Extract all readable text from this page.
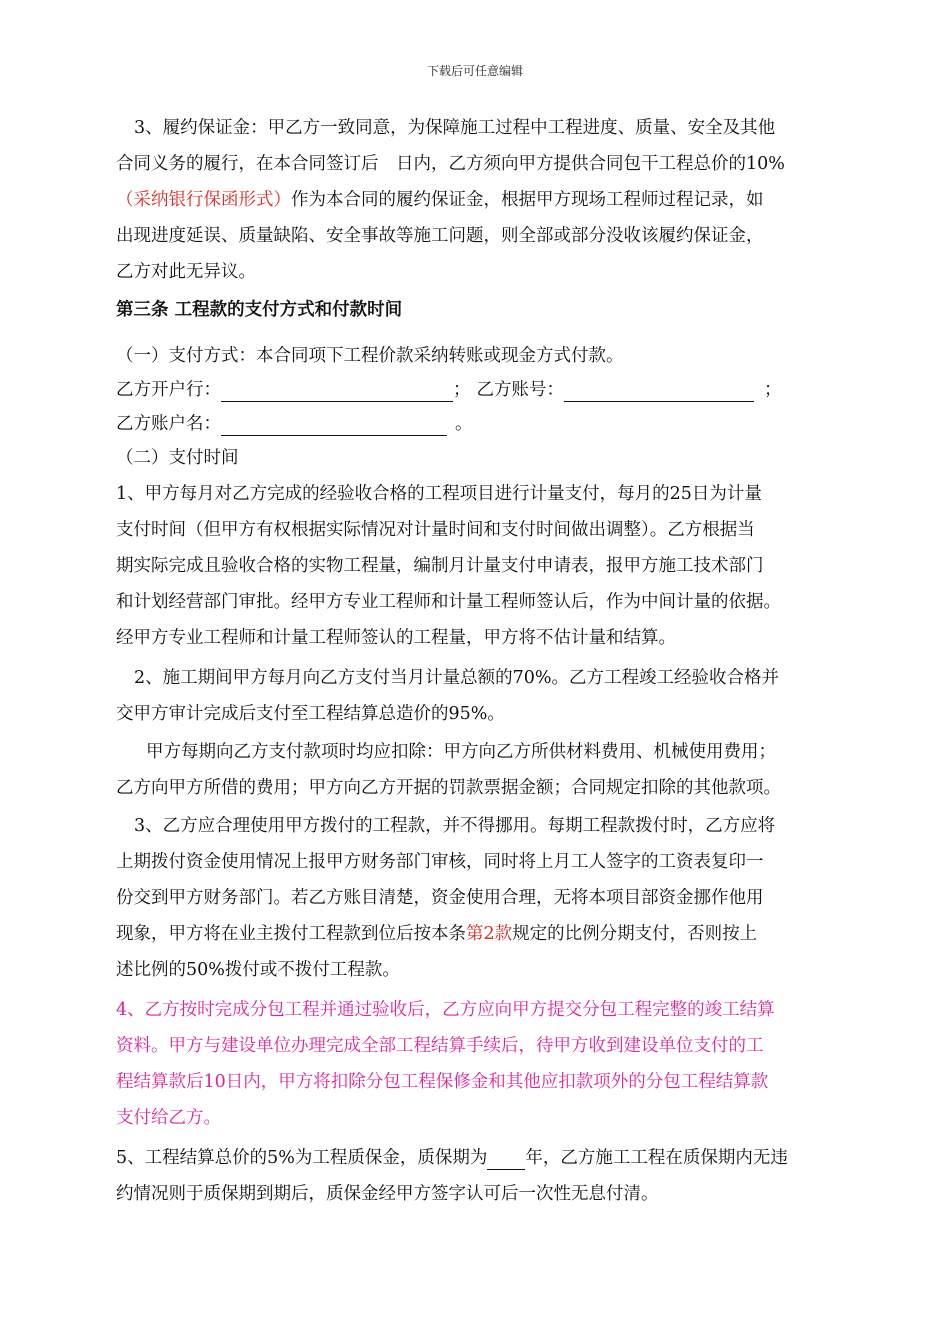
下载后可任意编辑
3、履约保证金：甲乙方一致同意，为保障施工过程中工程进度、质量、安全及其他
合同义务的履行，在本合同签订后　日内，乙方须向甲方提供合同包干工程总价的10%
（采纳银行保函形式）作为本合同的履约保证金，根据甲方现场工程师过程记录，如
出现进度延误、质量缺陷、安全事故等施工问题，则全部或部分没收该履约保证金，
乙方对此无异议。
第三条 工程款的支付方式和付款时间
（一）支付方式：本合同项下工程价款采纳转账或现金方式付款。
乙方开户行：	； 乙方账号：	；
乙方账户名：	。
（二）支付时间
1、甲方每月对乙方完成的经验收合格的工程项目进行计量支付，每月的25日为计量
支付时间（但甲方有权根据实际情况对计量时间和支付时间做出调整）。乙方根据当
期实际完成且验收合格的实物工程量，编制月计量支付申请表，报甲方施工技术部门
和计划经营部门审批。经甲方专业工程师和计量工程师签认后，作为中间计量的依据。
经甲方专业工程师和计量工程师签认的工程量，甲方将不估计量和结算。
2、施工期间甲方每月向乙方支付当月计量总额的70%。乙方工程竣工经验收合格并
交甲方审计完成后支付至工程结算总造价的95%。
甲方每期向乙方支付款项时均应扣除：甲方向乙方所供材料费用、机械使用费用；
乙方向甲方所借的费用；甲方向乙方开据的罚款票据金额；合同规定扣除的其他款项。
3、乙方应合理使用甲方拨付的工程款，并不得挪用。每期工程款拨付时，乙方应将
上期拨付资金使用情况上报甲方财务部门审核，同时将上月工人签字的工资表复印一
份交到甲方财务部门。若乙方账目清楚，资金使用合理，无将本项目部资金挪作他用
现象，甲方将在业主拨付工程款到位后按本条第2款规定的比例分期支付，否则按上
述比例的50%拨付或不拨付工程款。
4、乙方按时完成分包工程并通过验收后，乙方应向甲方提交分包工程完整的竣工结算
资料。甲方与建设单位办理完成全部工程结算手续后，待甲方收到建设单位支付的工
程结算款后10日内，甲方将扣除分包工程保修金和其他应扣款项外的分包工程结算款
支付给乙方。
5、工程结算总价的5%为工程质保金，质保期为 年，乙方施工工程在质保期内无违
约情况则于质保期到期后，质保金经甲方签字认可后一次性无息付清。
